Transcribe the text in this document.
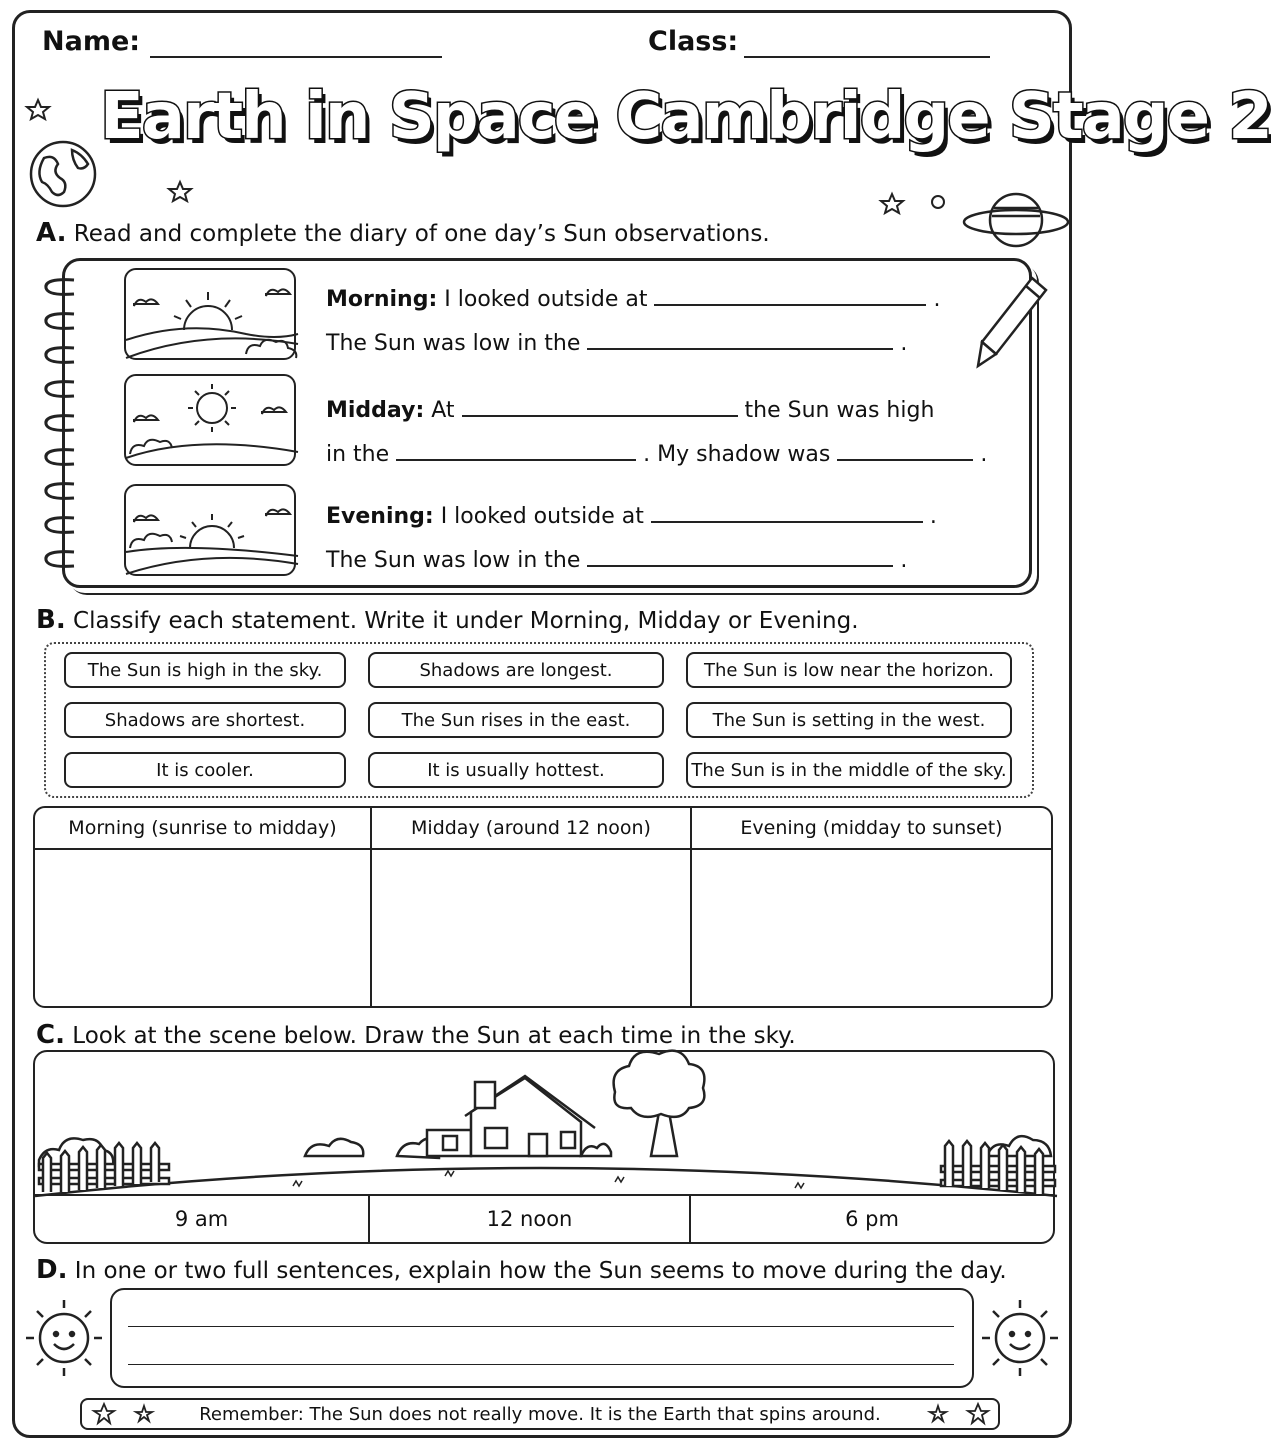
Name:	Class:
Earth in Space Cambridge Stage 2
A. Read and complete the diary of one day’s Sun observations.
Morning: I looked outside at	.
The Sun was low in the	.
Midday: At	the Sun was high
in the	. My shadow was	.
Evening: I looked outside at	.
The Sun was low in the	.
B. Classify each statement. Write it under Morning, Midday or Evening.
The Sun is high in the sky.	Shadows are longest.	The Sun is low near the horizon.
Shadows are shortest.	The Sun rises in the east.	The Sun is setting in the west.
It is cooler.	It is usually hottest.	The Sun is in the middle of the sky.
Morning (sunrise to midday)	Midday (around 12 noon)	Evening (midday to sunset)
C. Look at the scene below. Draw the Sun at each time in the sky.
9 am	12 noon	6 pm
D. In one or two full sentences, explain how the Sun seems to move during the day.
Remember: The Sun does not really move. It is the Earth that spins around.
